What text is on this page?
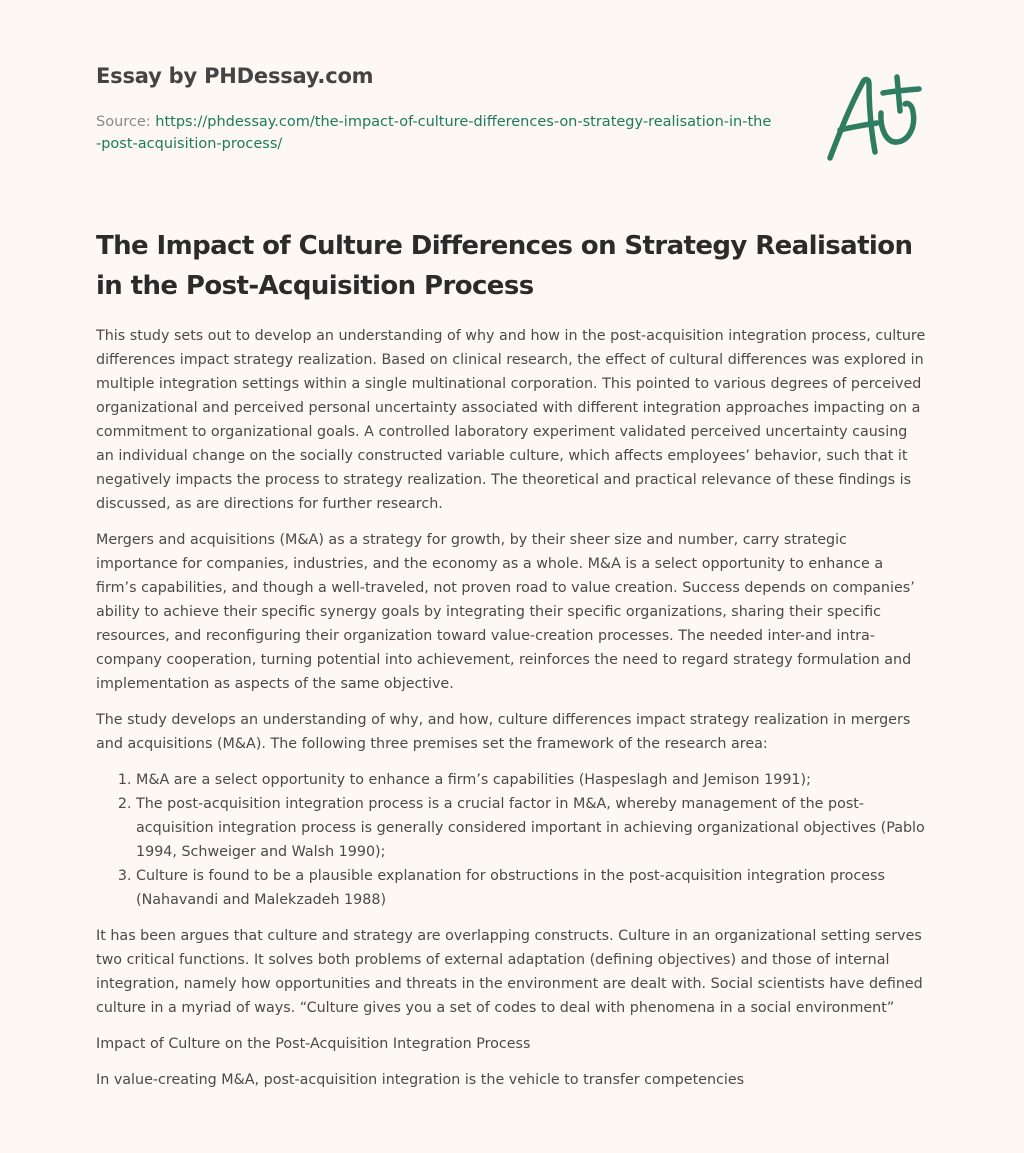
Essay by PHDessay.com
Source: https://phdessay.com/the-impact-of-culture-differences-on-strategy-realisation-in-the-post-acquisition-process/
The Impact of Culture Differences on Strategy Realisation in the Post-Acquisition Process

This study sets out to develop an understanding of why and how in the post-acquisition integration process, culture differences impact strategy realization. Based on clinical research, the effect of cultural differences was explored in multiple integration settings within a single multinational corporation. This pointed to various degrees of perceived organizational and perceived personal uncertainty associated with different integration approaches impacting on a commitment to organizational goals. A controlled laboratory experiment validated perceived uncertainty causing an individual change on the socially constructed variable culture, which affects employees’ behavior, such that it negatively impacts the process to strategy realization. The theoretical and practical relevance of these findings is discussed, as are directions for further research.

Mergers and acquisitions (M&A) as a strategy for growth, by their sheer size and number, carry strategic importance for companies, industries, and the economy as a whole. M&A is a select opportunity to enhance a firm’s capabilities, and though a well-traveled, not proven road to value creation. Success depends on companies’ ability to achieve their specific synergy goals by integrating their specific organizations, sharing their specific resources, and reconfiguring their organization toward value-creation processes. The needed inter-and intra-company cooperation, turning potential into achievement, reinforces the need to regard strategy formulation and implementation as aspects of the same objective.

The study develops an understanding of why, and how, culture differences impact strategy realization in mergers and acquisitions (M&A). The following three premises set the framework of the research area:

1. M&A are a select opportunity to enhance a firm’s capabilities (Haspeslagh and Jemison 1991);
2. The post-acquisition integration process is a crucial factor in M&A, whereby management of the post-acquisition integration process is generally considered important in achieving organizational objectives (Pablo 1994, Schweiger and Walsh 1990);
3. Culture is found to be a plausible explanation for obstructions in the post-acquisition integration process (Nahavandi and Malekzadeh 1988)

It has been argues that culture and strategy are overlapping constructs. Culture in an organizational setting serves two critical functions. It solves both problems of external adaptation (defining objectives) and those of internal integration, namely how opportunities and threats in the environment are dealt with. Social scientists have defined culture in a myriad of ways. “Culture gives you a set of codes to deal with phenomena in a social environment”

Impact of Culture on the Post-Acquisition Integration Process

In value-creating M&A, post-acquisition integration is the vehicle to transfer competencies
